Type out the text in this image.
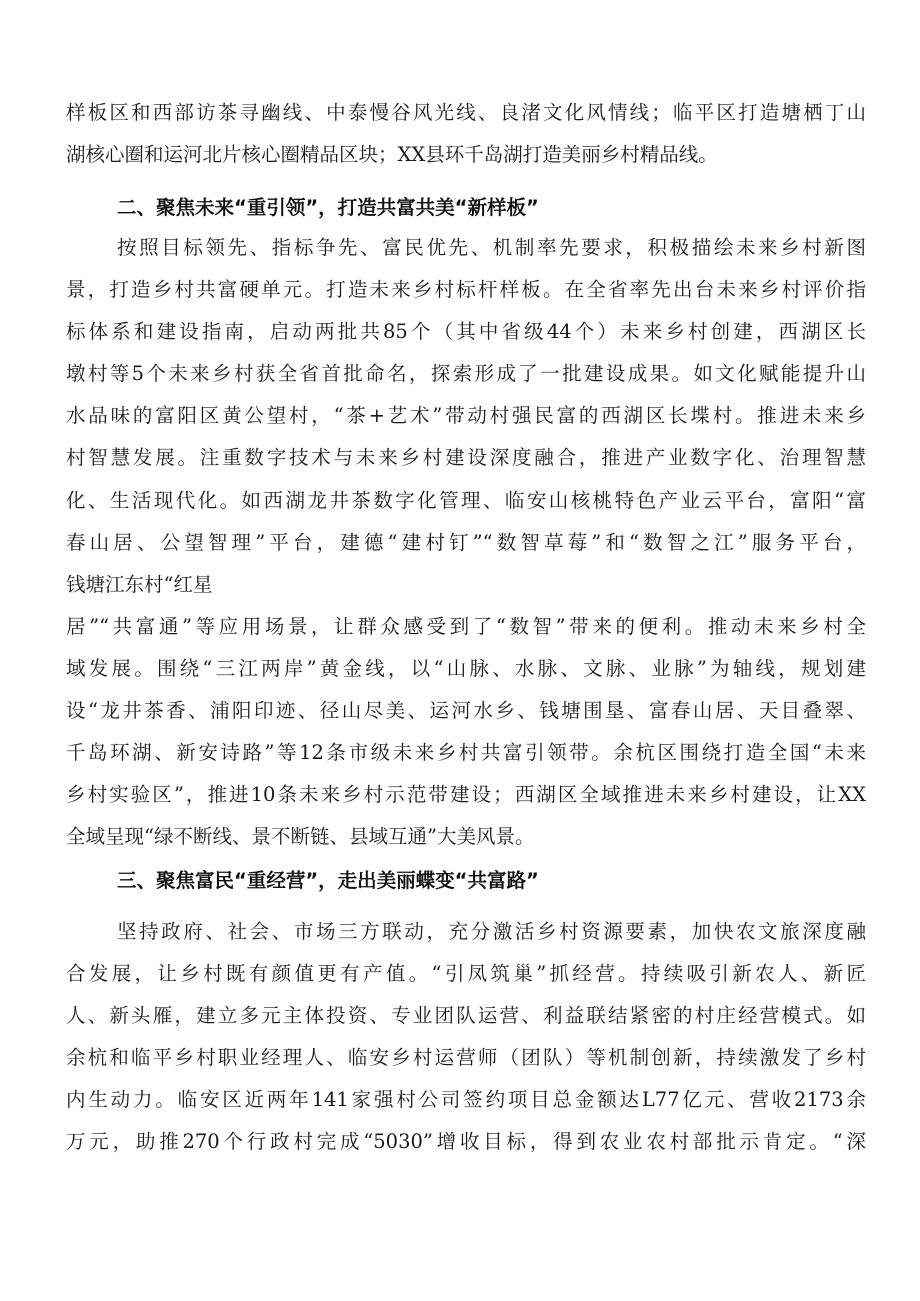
样板区和西部访茶寻幽线、中泰慢谷风光线、良渚文化风情线；临平区打造塘栖丁山
湖核心圈和运河北片核心圈精品区块；XX县环千岛湖打造美丽乡村精品线。
二、聚焦未来“重引领”，打造共富共美“新样板”
按照目标领先、指标争先、富民优先、机制率先要求，积极描绘未来乡村新图
景，打造乡村共富硬单元。打造未来乡村标杆样板。在全省率先出台未来乡村评价指
标体系和建设指南，启动两批共85个（其中省级44个）未来乡村创建，西湖区长
墩村等5个未来乡村获全省首批命名，探索形成了一批建设成果。如文化赋能提升山
水品味的富阳区黄公望村，“茶+艺术”带动村强民富的西湖区长堞村。推进未来乡
村智慧发展。注重数字技术与未来乡村建设深度融合，推进产业数字化、治理智慧
化、生活现代化。如西湖龙井茶数字化管理、临安山核桃特色产业云平台，富阳“富
春山居、公望智理”平台，建德“建村钉”“数智草莓”和“数智之江”服务平台，
钱塘江东村“红星
居”“共富通”等应用场景，让群众感受到了“数智”带来的便利。推动未来乡村全
域发展。围绕“三江两岸”黄金线，以“山脉、水脉、文脉、业脉”为轴线，规划建
设“龙井茶香、浦阳印迹、径山尽美、运河水乡、钱塘围垦、富春山居、天目叠翠、
千岛环湖、新安诗路”等12条市级未来乡村共富引领带。余杭区围绕打造全国“未来
乡村实验区”，推进10条未来乡村示范带建设；西湖区全域推进未来乡村建设，让XX
全域呈现“绿不断线、景不断链、县域互通”大美风景。
三、聚焦富民“重经营”，走出美丽蝶变“共富路”
坚持政府、社会、市场三方联动，充分激活乡村资源要素，加快农文旅深度融
合发展，让乡村既有颜值更有产值。“引凤筑巢”抓经营。持续吸引新农人、新匠
人、新头雁，建立多元主体投资、专业团队运营、利益联结紧密的村庄经营模式。如
余杭和临平乡村职业经理人、临安乡村运营师（团队）等机制创新，持续激发了乡村
内生动力。临安区近两年141家强村公司签约项目总金额达L77亿元、营收2173余
万元，助推270个行政村完成“5030”增收目标，得到农业农村部批示肯定。“深
